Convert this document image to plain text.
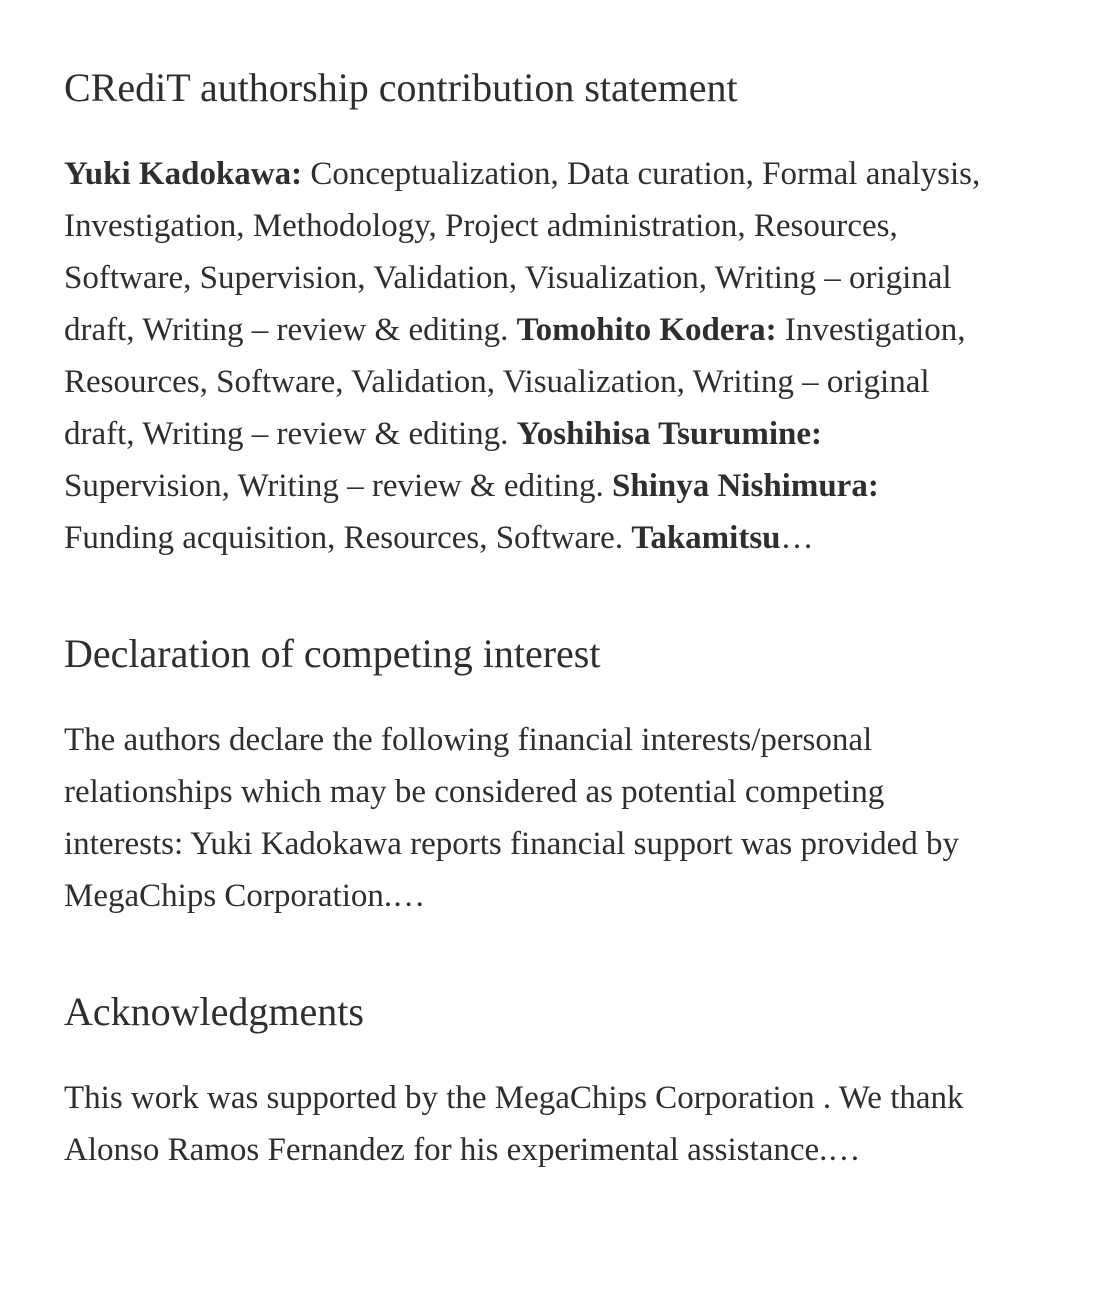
CRediT authorship contribution statement

Yuki Kadokawa: Conceptualization, Data curation, Formal analysis, Investigation, Methodology, Project administration, Resources, Software, Supervision, Validation, Visualization, Writing – original draft, Writing – review & editing. Tomohito Kodera: Investigation, Resources, Software, Validation, Visualization, Writing – original draft, Writing – review & editing. Yoshihisa Tsurumine: Supervision, Writing – review & editing. Shinya Nishimura: Funding acquisition, Resources, Software. Takamitsu…

Declaration of competing interest

The authors declare the following financial interests/personal relationships which may be considered as potential competing interests: Yuki Kadokawa reports financial support was provided by MegaChips Corporation.…

Acknowledgments

This work was supported by the MegaChips Corporation . We thank Alonso Ramos Fernandez for his experimental assistance.…
